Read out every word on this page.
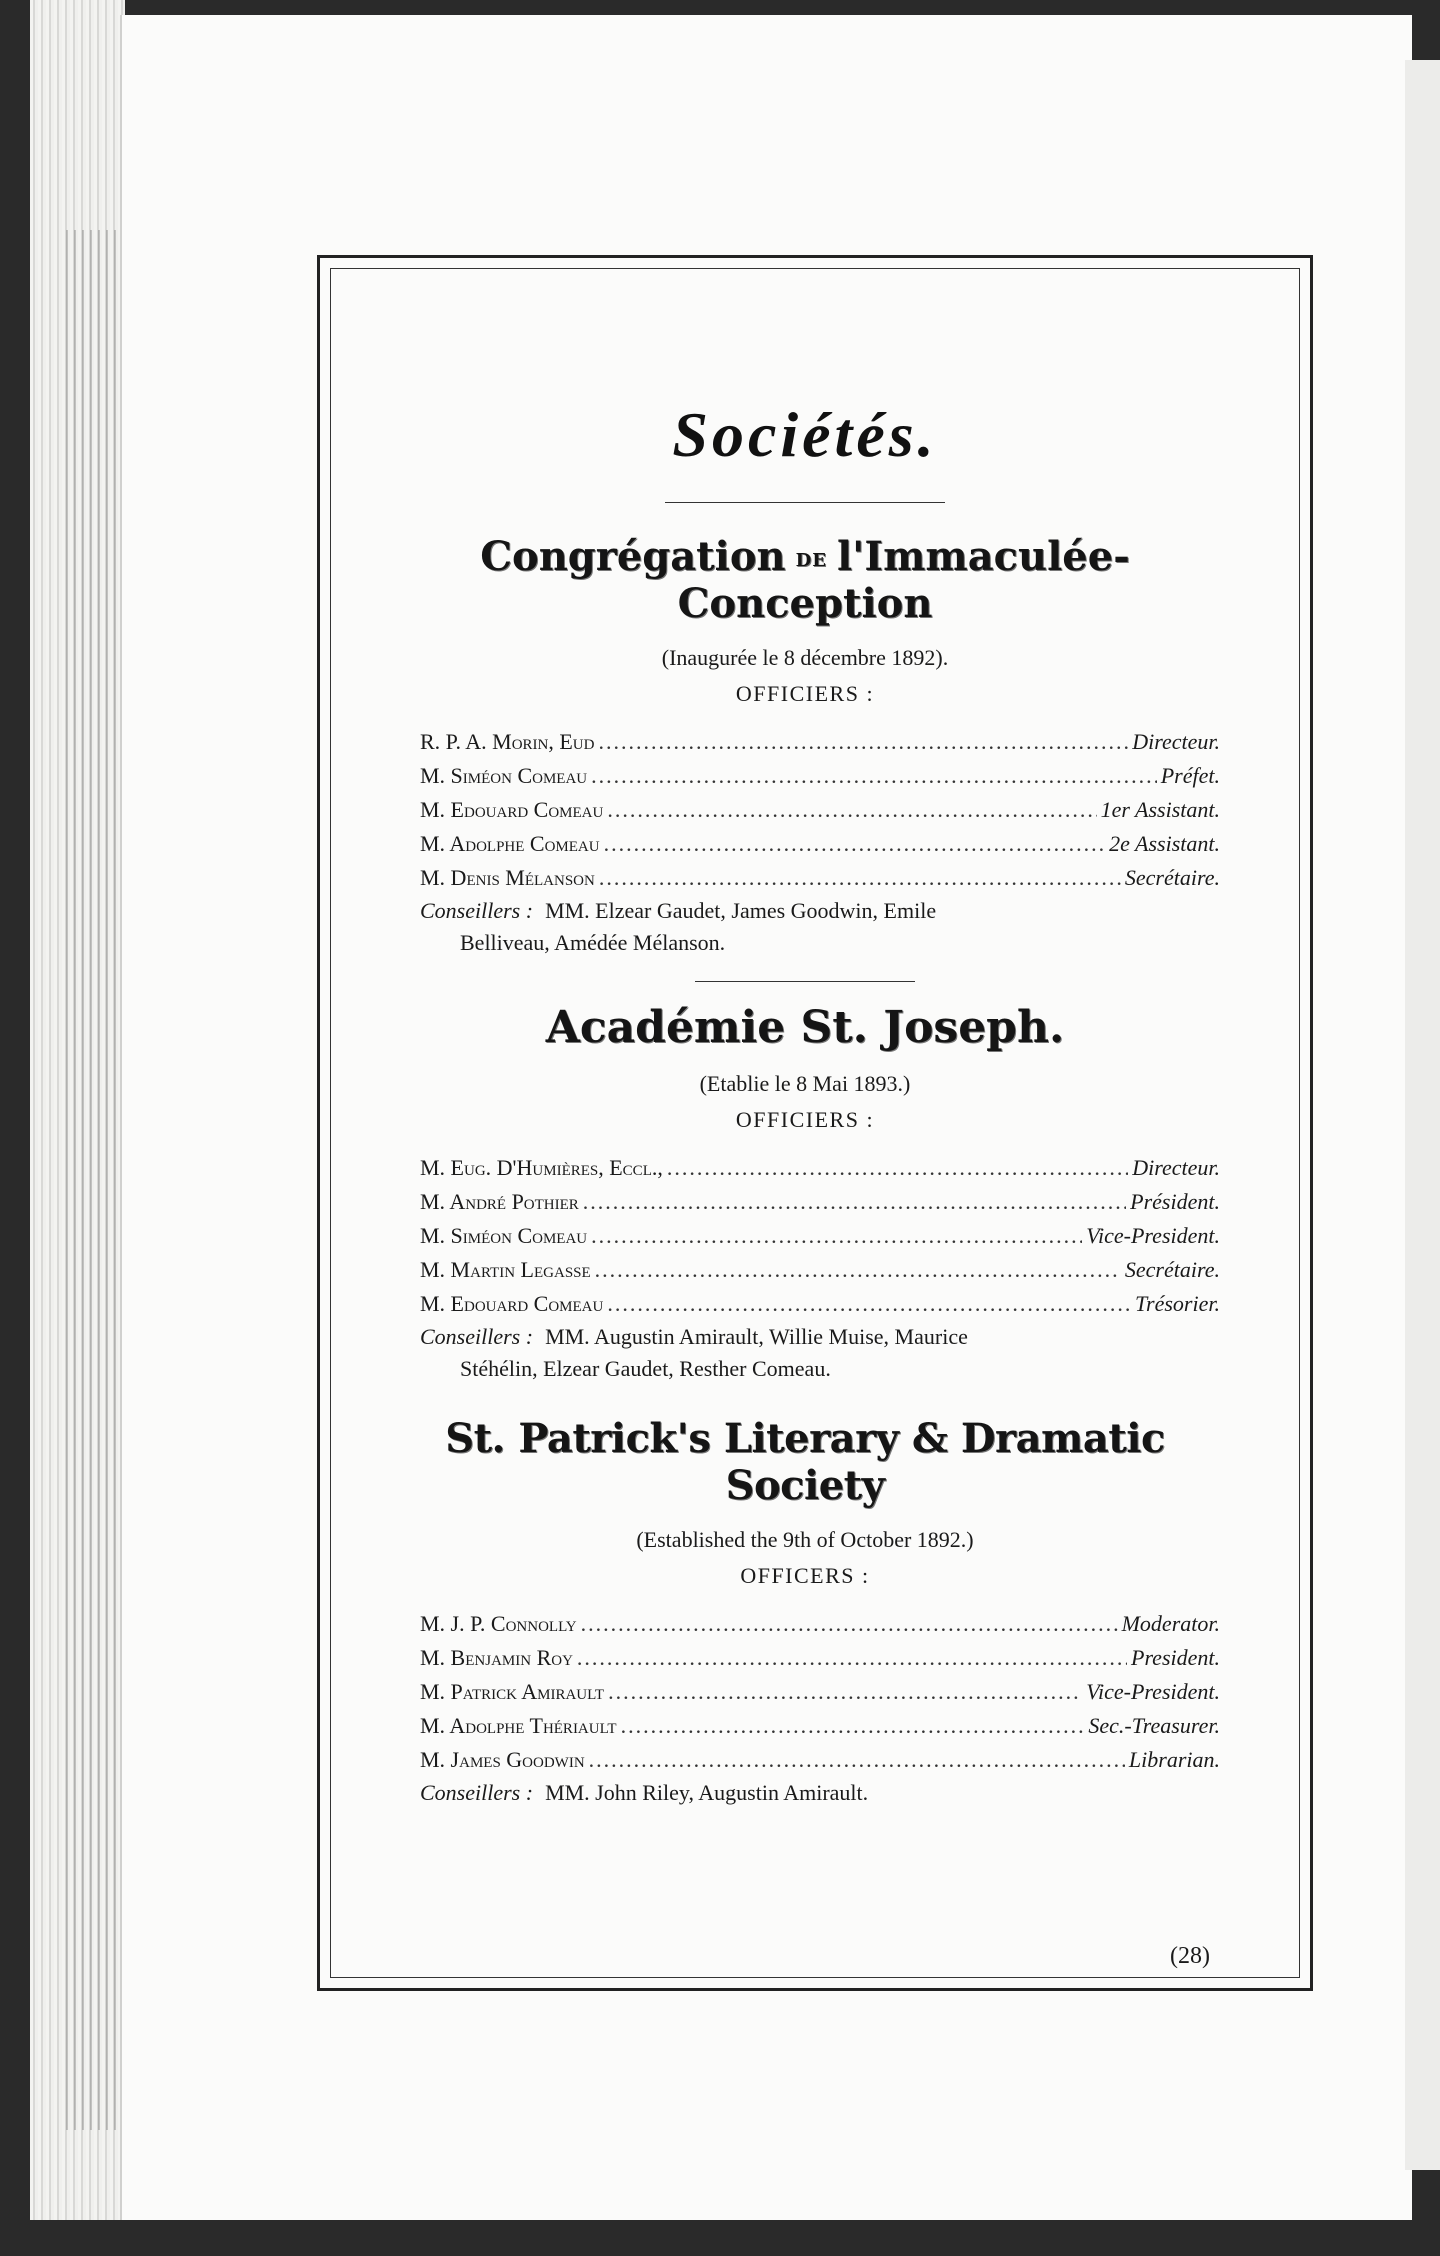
Sociétés.
Congrégation DE l'Immaculée-Conception
(Inaugurée le 8 décembre 1892).
OFFICIERS :
R. P. A. Morin, Eud .....	Directeur.
M. Siméon Comeau .....	Préfet.
M. Edouard Comeau .....	1er Assistant.
M. Adolphe Comeau .....	2e Assistant.
M. Denis Mélanson .....	Secrétaire.
Conseillers : MM. Elzear Gaudet, James Goodwin, Emile
Belliveau, Amédée Mélanson.
Académie St. Joseph.
(Etablie le 8 Mai 1893.)
OFFICIERS :
M. Eug. D'Humières, Eccl., .....	Directeur.
M. André Pothier .....	Président.
M. Siméon Comeau .....	Vice-President.
M. Martin Legasse .....	Secrétaire.
M. Edouard Comeau .....	Trésorier.
Conseillers : MM. Augustin Amirault, Willie Muise, Maurice
Stéhélin, Elzear Gaudet, Resther Comeau.
St. Patrick's Literary & Dramatic Society
(Established the 9th of October 1892.)
OFFICERS :
M. J. P. Connolly .....	Moderator.
M. Benjamin Roy .....	President.
M. Patrick Amirault .....	Vice-President.
M. Adolphe Thériault .....	Sec.-Treasurer.
M. James Goodwin .....	Librarian.
Conseillers : MM. John Riley, Augustin Amirault.
(28)
